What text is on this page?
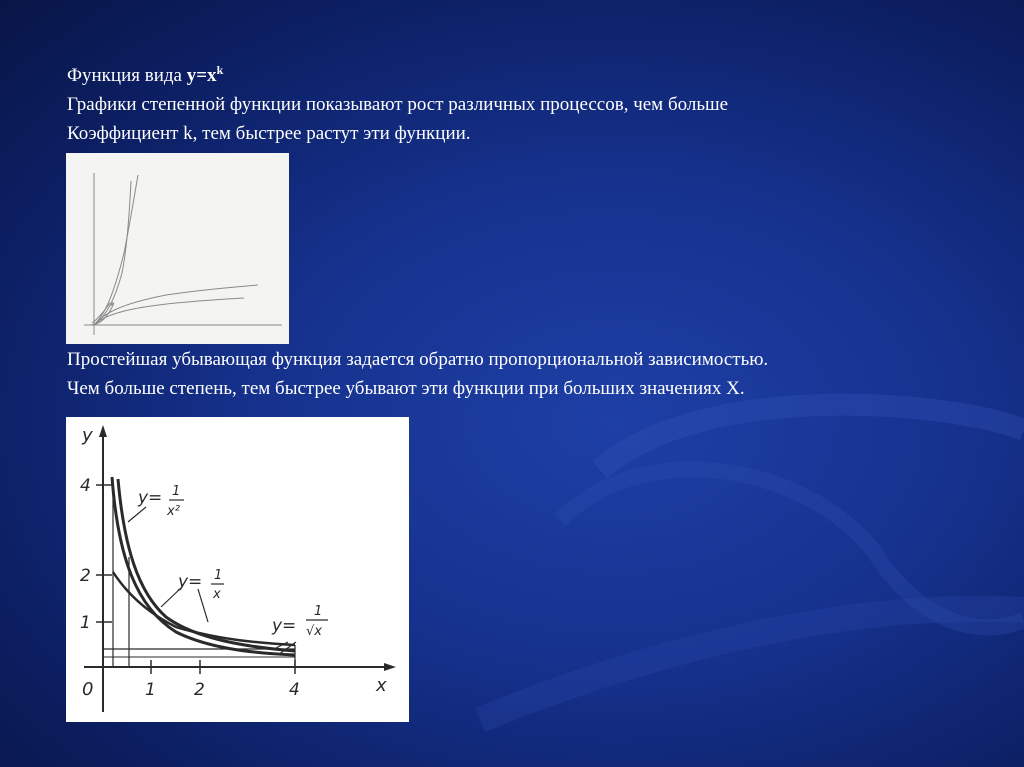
Функция вида $y=x^k$
Графики степенной функции показывают рост различных процессов, чем больше
Коэффициент k, тем быстрее растут эти функции.
Простейшая убывающая функция задается обратно пропорциональной зависимостью.
Чем больше степень, тем быстрее убывают эти функции при больших значениях X.
y
x
0
4
2
1
1 2	4
y= 1
x²
y= 1
x
y=
1
√x
